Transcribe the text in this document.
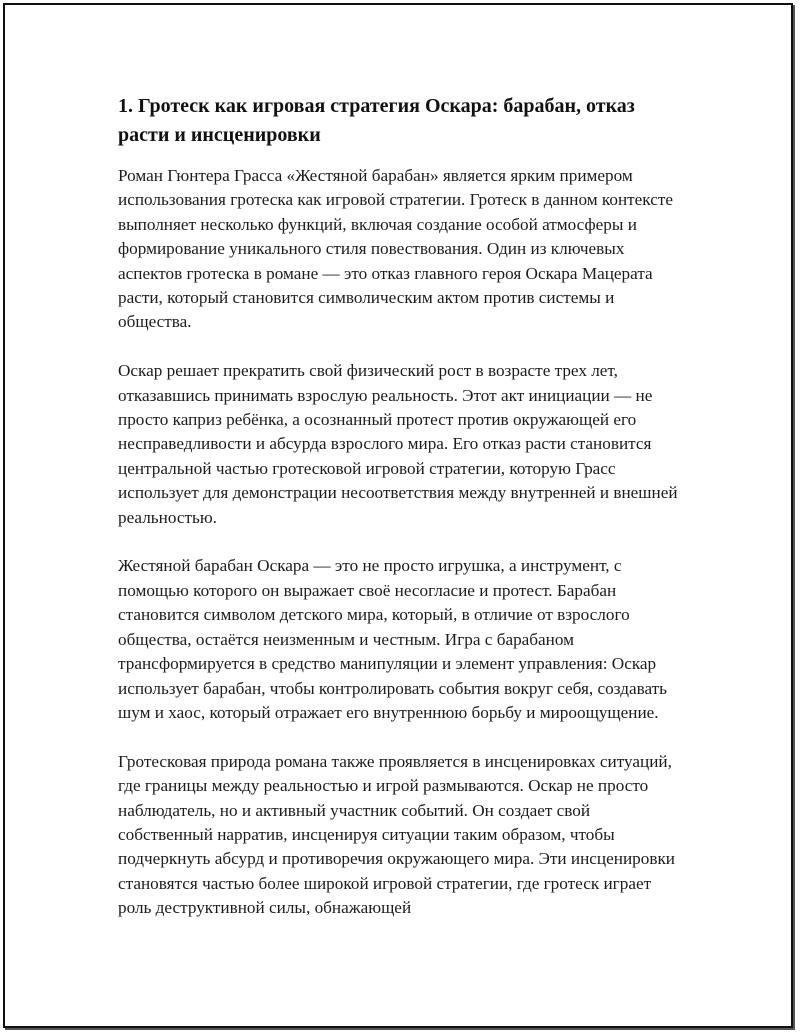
1. Гротеск как игровая стратегия Оскара: барабан, отказ расти и инсценировки

Роман Гюнтера Грасса «Жестяной барабан» является ярким примером использования гротеска как игровой стратегии. Гротеск в данном контексте выполняет несколько функций, включая создание особой атмосферы и формирование уникального стиля повествования. Один из ключевых аспектов гротеска в романе — это отказ главного героя Оскара Мацерата расти, который становится символическим актом против системы и общества.

Оскар решает прекратить свой физический рост в возрасте трех лет, отказавшись принимать взрослую реальность. Этот акт инициации — не просто каприз ребёнка, а осознанный протест против окружающей его несправедливости и абсурда взрослого мира. Его отказ расти становится центральной частью гротесковой игровой стратегии, которую Грасс использует для демонстрации несоответствия между внутренней и внешней реальностью.

Жестяной барабан Оскара — это не просто игрушка, а инструмент, с помощью которого он выражает своё несогласие и протест. Барабан становится символом детского мира, который, в отличие от взрослого общества, остаётся неизменным и честным. Игра с барабаном трансформируется в средство манипуляции и элемент управления: Оскар использует барабан, чтобы контролировать события вокруг себя, создавать шум и хаос, который отражает его внутреннюю борьбу и мироощущение.

Гротесковая природа романа также проявляется в инсценировках ситуаций, где границы между реальностью и игрой размываются. Оскар не просто наблюдатель, но и активный участник событий. Он создает свой собственный нарратив, инсценируя ситуации таким образом, чтобы подчеркнуть абсурд и противоречия окружающего мира. Эти инсценировки становятся частью более широкой игровой стратегии, где гротеск играет роль деструктивной силы, обнажающей
